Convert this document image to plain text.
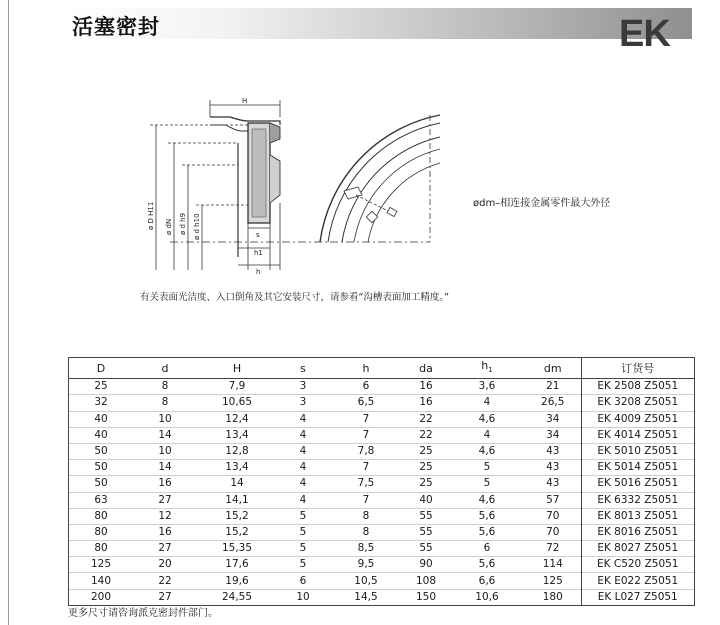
活塞密封	EK
H
s
h1
h
ø D H11 ø dN ø d h9 ø d h10
ødm–相连接金属零件最大外径
有关表面光洁度、入口倒角及其它安装尺寸，请参看“沟槽表面加工精度。”
D	d	H	s	h	da	$h_1$	dm	订货号
25	8	7,9	3	6	16	3,6	21	EK 2508 Z5051
32	8	10,65	3	6,5	16	4	26,5	EK 3208 Z5051
40	10	12,4	4	7	22	4,6	34	EK 4009 Z5051
40	14	13,4	4	7	22	4	34	EK 4014 Z5051
50	10	12,8	4	7,8	25	4,6	43	EK 5010 Z5051
50	14	13,4	4	7	25	5	43	EK 5014 Z5051
50	16	14	4	7,5	25	5	43	EK 5016 Z5051
63	27	14,1	4	7	40	4,6	57	EK 6332 Z5051
80	12	15,2	5	8	55	5,6	70	EK 8013 Z5051
80	16	15,2	5	8	55	5,6	70	EK 8016 Z5051
80	27	15,35	5	8,5	55	6	72	EK 8027 Z5051
125	20	17,6	5	9,5	90	5,6	114	EK C520 Z5051
140	22	19,6	6	10,5	108	6,6	125	EK E022 Z5051
200	27	24,55	10	14,5	150	10,6	180	EK L027 Z5051
更多尺寸请咨询派克密封件部门。
